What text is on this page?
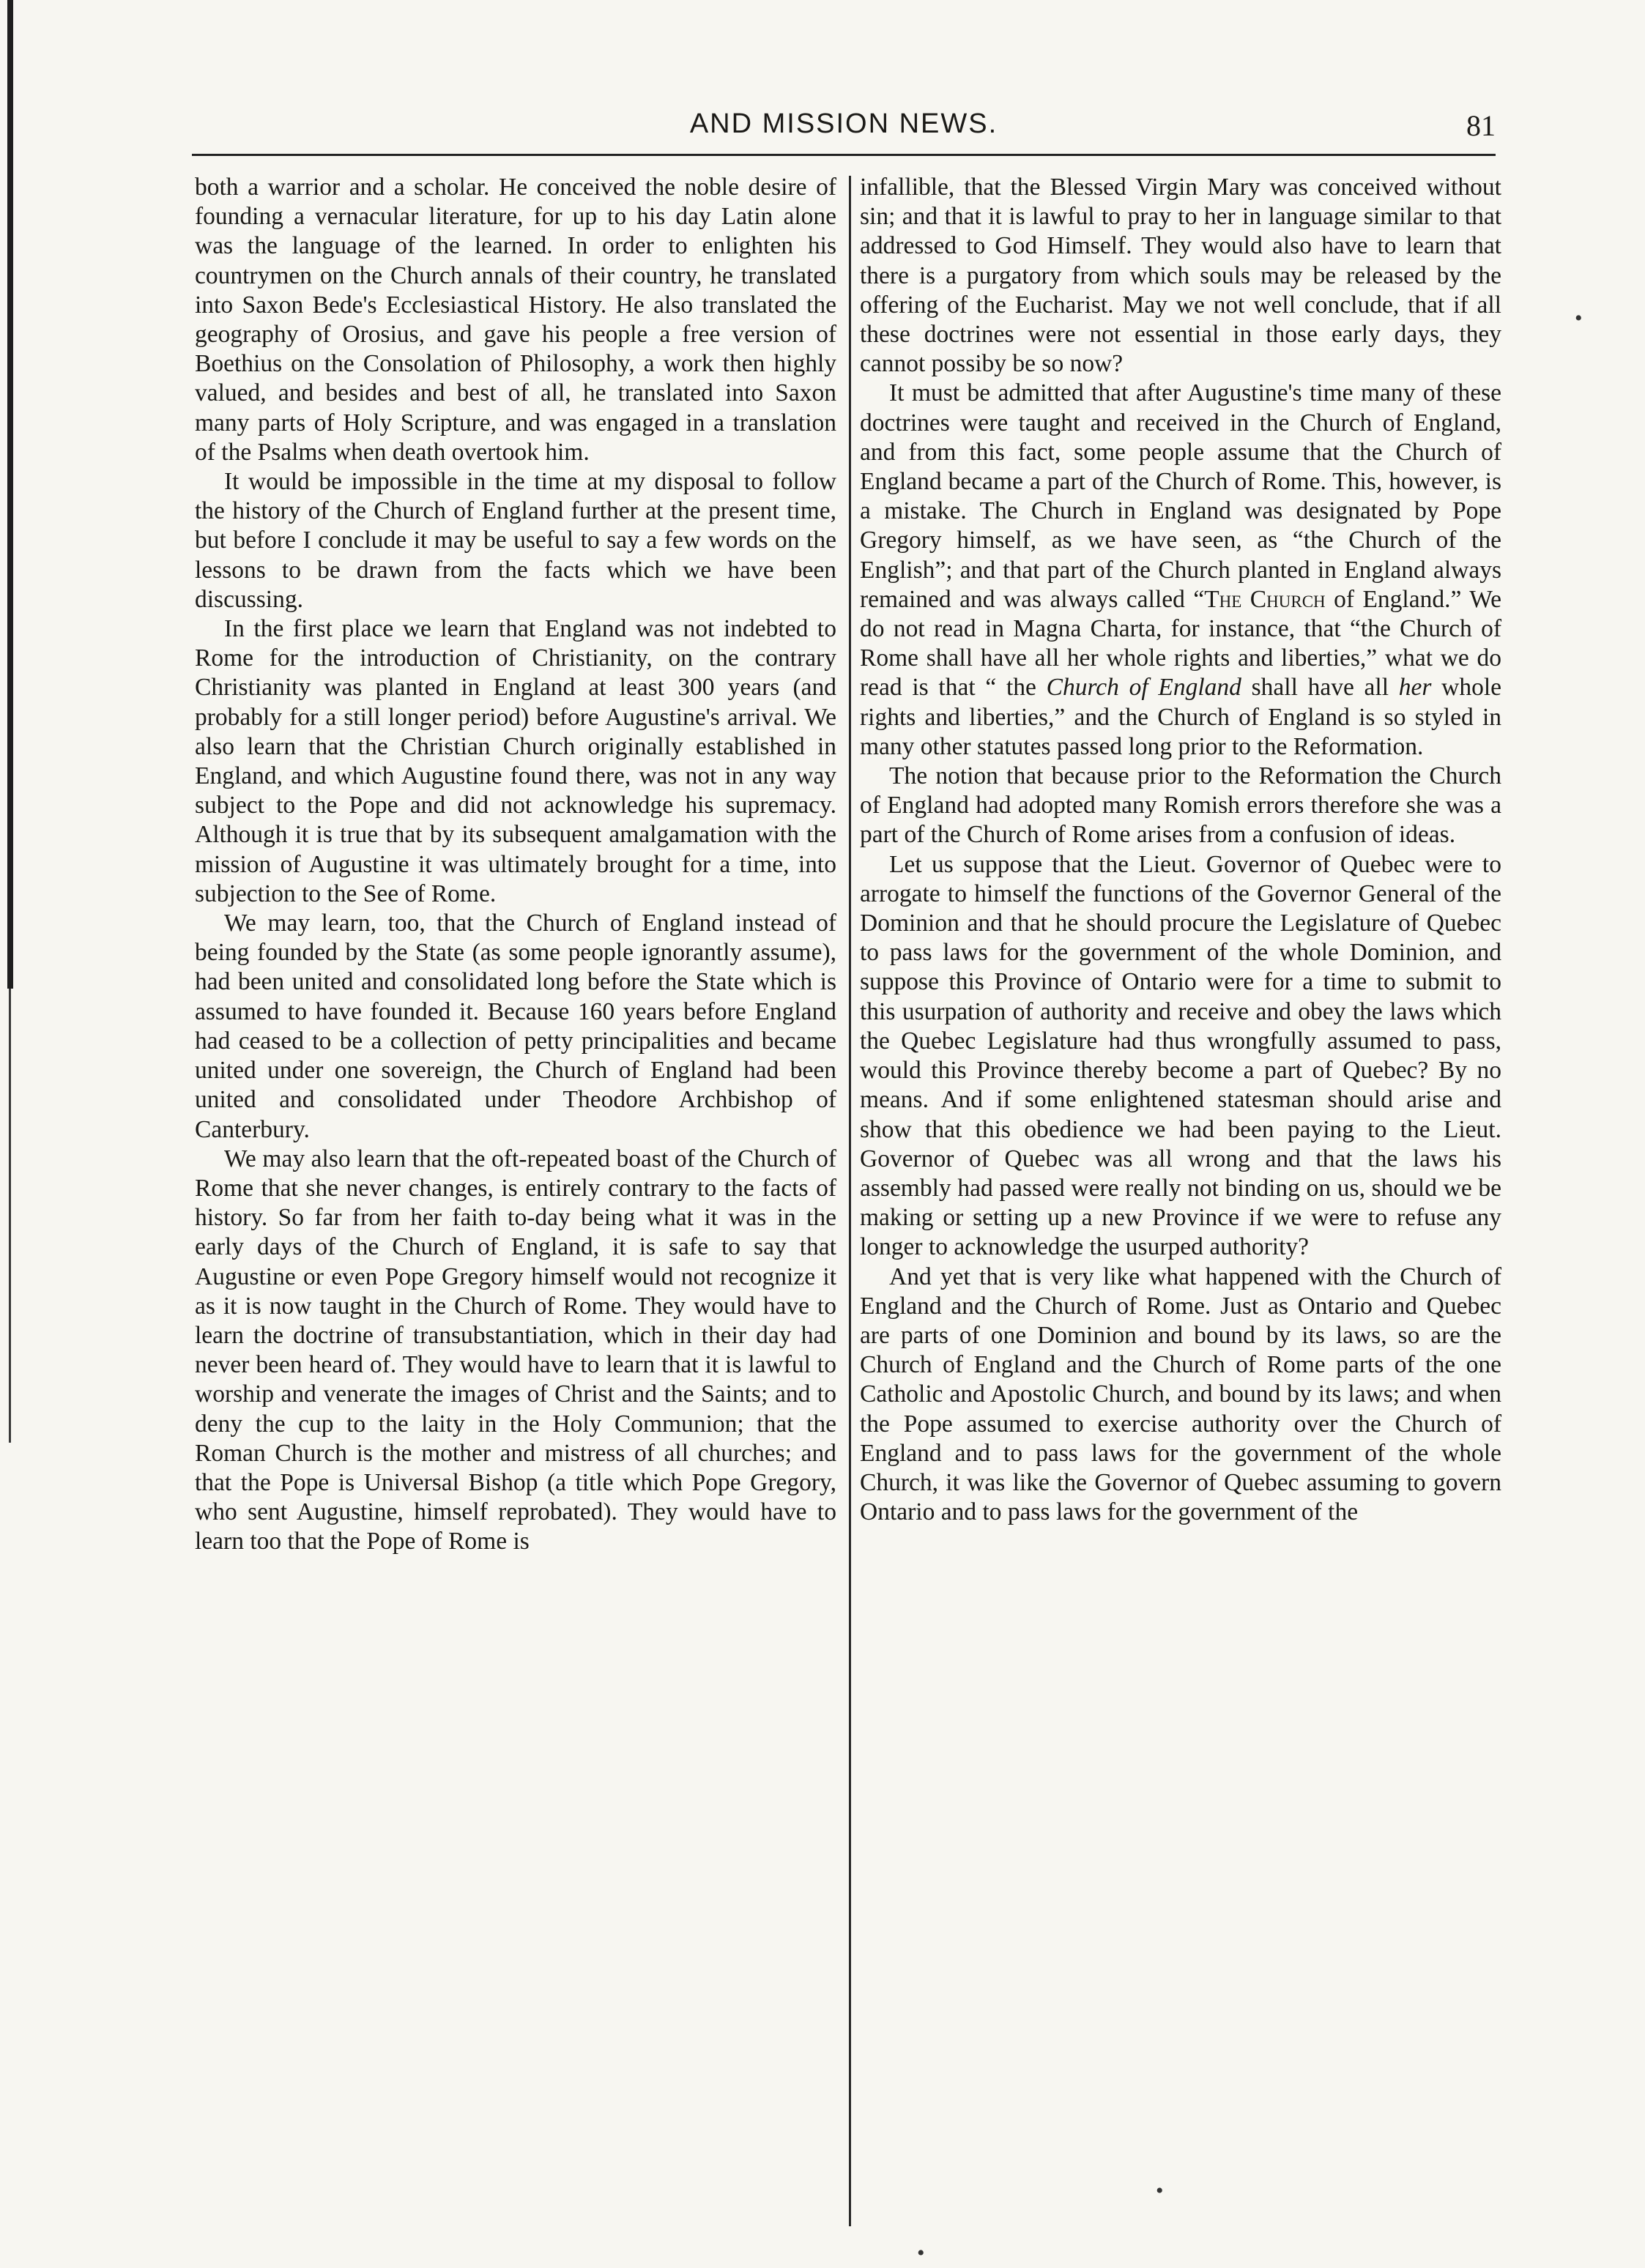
AND MISSION NEWS.	81

both a warrior and a scholar. He conceived the noble desire of founding a vernacular literature, for up to his day Latin alone was the language of the learned. In order to enlighten his countrymen on the Church annals of their country, he translated into Saxon Bede's Ecclesiastical History. He also translated the geography of Orosius, and gave his people a free version of Boethius on the Consolation of Philosophy, a work then highly valued, and besides and best of all, he translated into Saxon many parts of Holy Scripture, and was engaged in a translation of the Psalms when death overtook him.

It would be impossible in the time at my disposal to follow the history of the Church of England further at the present time, but before I conclude it may be useful to say a few words on the lessons to be drawn from the facts which we have been discussing.

In the first place we learn that England was not indebted to Rome for the introduction of Christianity, on the contrary Christianity was planted in England at least 300 years (and probably for a still longer period) before Augustine's arrival. We also learn that the Christian Church originally established in England, and which Augustine found there, was not in any way subject to the Pope and did not acknowledge his supremacy. Although it is true that by its subsequent amalgamation with the mission of Augustine it was ultimately brought for a time, into subjection to the See of Rome.

We may learn, too, that the Church of England instead of being founded by the State (as some people ignorantly assume), had been united and consolidated long before the State which is assumed to have founded it. Because 160 years before England had ceased to be a collection of petty principalities and became united under one sovereign, the Church of England had been united and consolidated under Theodore Archbishop of Canterbury.

We may also learn that the oft-repeated boast of the Church of Rome that she never changes, is entirely contrary to the facts of history. So far from her faith to-day being what it was in the early days of the Church of England, it is safe to say that Augustine or even Pope Gregory himself would not recognize it as it is now taught in the Church of Rome. They would have to learn the doctrine of transubstantiation, which in their day had never been heard of. They would have to learn that it is lawful to worship and venerate the images of Christ and the Saints; and to deny the cup to the laity in the Holy Communion; that the Roman Church is the mother and mistress of all churches; and that the Pope is Universal Bishop (a title which Pope Gregory, who sent Augustine, himself reprobated). They would have to learn too that the Pope of Rome is

infallible, that the Blessed Virgin Mary was conceived without sin; and that it is lawful to pray to her in language similar to that addressed to God Himself. They would also have to learn that there is a purgatory from which souls may be released by the offering of the Eucharist. May we not well conclude, that if all these doctrines were not essential in those early days, they cannot possiby be so now?

It must be admitted that after Augustine's time many of these doctrines were taught and received in the Church of England, and from this fact, some people assume that the Church of England became a part of the Church of Rome. This, however, is a mistake. The Church in England was designated by Pope Gregory himself, as we have seen, as “the Church of the English”; and that part of the Church planted in England always remained and was always called “The Church of England.” We do not read in Magna Charta, for instance, that “the Church of Rome shall have all her whole rights and liberties,” what we do read is that “ the Church of England shall have all her whole rights and liberties,” and the Church of England is so styled in many other statutes passed long prior to the Reformation.

The notion that because prior to the Reformation the Church of England had adopted many Romish errors therefore she was a part of the Church of Rome arises from a confusion of ideas.

Let us suppose that the Lieut. Governor of Quebec were to arrogate to himself the functions of the Governor General of the Dominion and that he should procure the Legislature of Quebec to pass laws for the government of the whole Dominion, and suppose this Province of Ontario were for a time to submit to this usurpation of authority and receive and obey the laws which the Quebec Legislature had thus wrongfully assumed to pass, would this Province thereby become a part of Quebec? By no means. And if some enlightened statesman should arise and show that this obedience we had been paying to the Lieut. Governor of Quebec was all wrong and that the laws his assembly had passed were really not binding on us, should we be making or setting up a new Province if we were to refuse any longer to acknowledge the usurped authority?

And yet that is very like what happened with the Church of England and the Church of Rome. Just as Ontario and Quebec are parts of one Dominion and bound by its laws, so are the Church of England and the Church of Rome parts of the one Catholic and Apostolic Church, and bound by its laws; and when the Pope assumed to exercise authority over the Church of England and to pass laws for the government of the whole Church, it was like the Governor of Quebec assuming to govern Ontario and to pass laws for the government of the

•
•
•
